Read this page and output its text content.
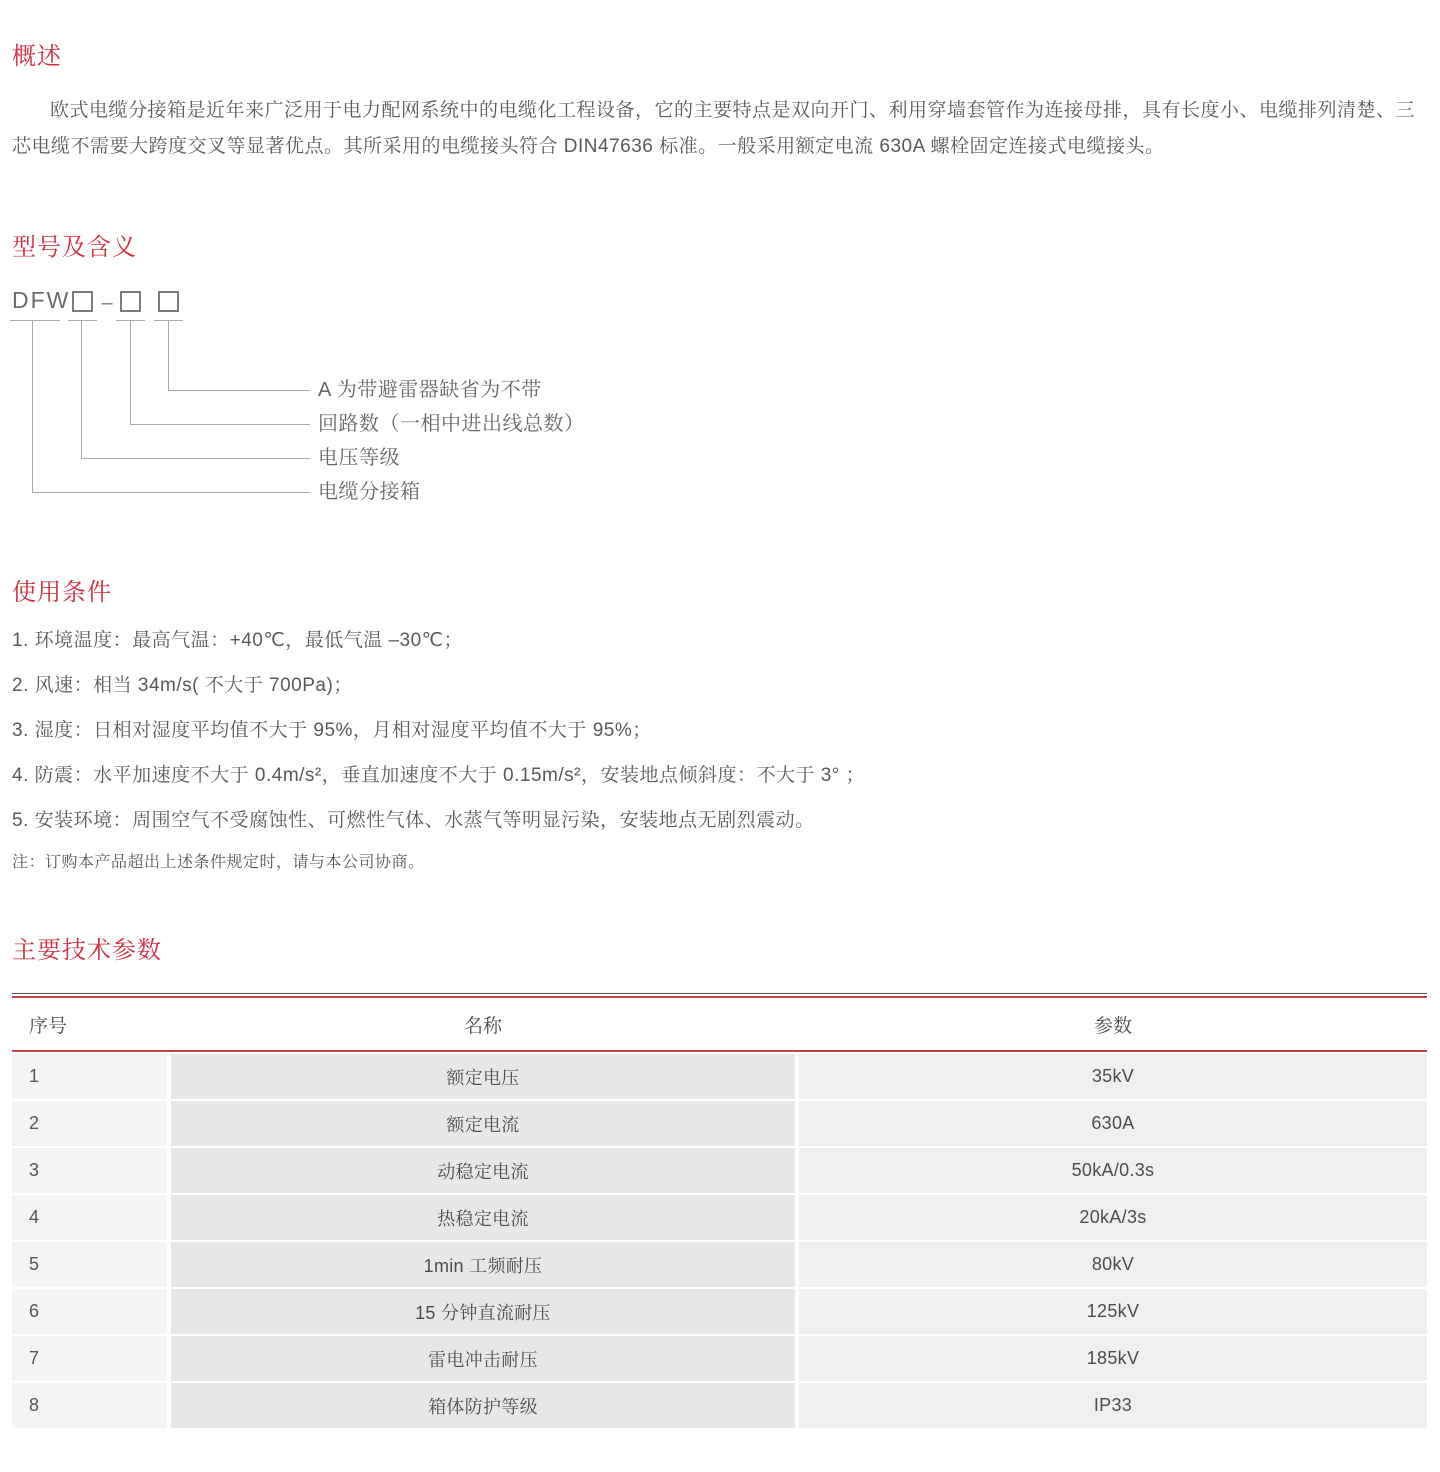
概述

欧式电缆分接箱是近年来广泛用于电力配网系统中的电缆化工程设备，它的主要特点是双向开门、利用穿墙套管作为连接母排，具有长度小、电缆排列清楚、三芯电缆不需要大跨度交叉等显著优点。其所采用的电缆接头符合 DIN47636 标准。一般采用额定电流 630A 螺栓固定连接式电缆接头。

型号及含义
DFW –
A 为带避雷器缺省为不带
回路数（一相中进出线总数）
电压等级
电缆分接箱
使用条件
1. 环境温度：最高气温：+40℃，最低气温 –30℃；
2. 风速：相当 34m/s( 不大于 700Pa)；
3. 湿度：日相对湿度平均值不大于 95%，月相对湿度平均值不大于 95%；
4. 防震：水平加速度不大于 0.4m/s²，垂直加速度不大于 0.15m/s²，安装地点倾斜度：不大于 3° ；
5. 安装环境：周围空气不受腐蚀性、可燃性气体、水蒸气等明显污染，安装地点无剧烈震动。
注：订购本产品超出上述条件规定时，请与本公司协商。
主要技术参数
序号	名称	参数
1	额定电压	35kV
2	额定电流	630A
3	动稳定电流	50kA/0.3s
4	热稳定电流	20kA/3s
5	1min 工频耐压	80kV
6	15 分钟直流耐压	125kV
7	雷电冲击耐压	185kV
8	箱体防护等级	IP33
